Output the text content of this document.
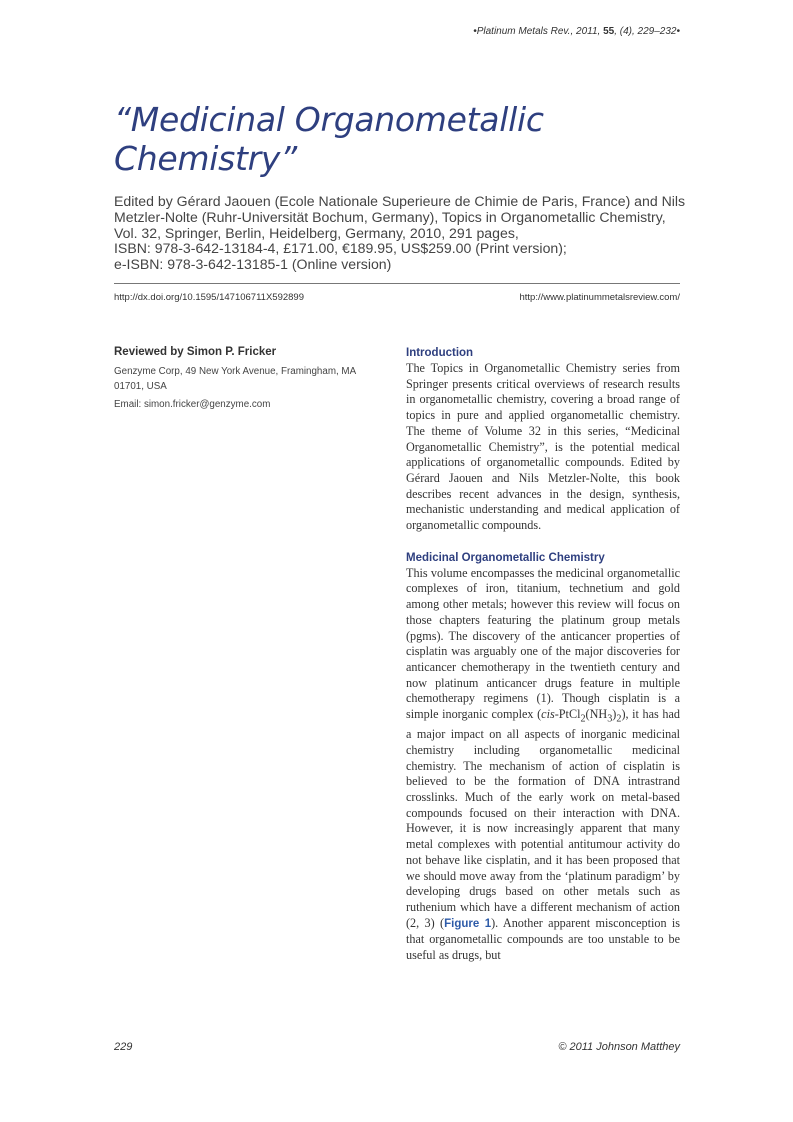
•Platinum Metals Rev., 2011, 55, (4), 229–232•
“Medicinal Organometallic
Chemistry”
Edited by Gérard Jaouen (Ecole Nationale Superieure de Chimie de Paris, France) and Nils
Metzler-Nolte (Ruhr-Universität Bochum, Germany), Topics in Organometallic Chemistry,
Vol. 32, Springer, Berlin, Heidelberg, Germany, 2010, 291 pages,
ISBN: 978-3-642-13184-4, £171.00, €189.95, US$259.00 (Print version);
e-ISBN: 978-3-642-13185-1 (Online version)
http://dx.doi.org/10.1595/147106711X592899	http://www.platinummetalsreview.com/
Reviewed by Simon P. Fricker
Genzyme Corp, 49 New York Avenue, Framingham, MA 01701, USA
Email: simon.fricker@genzyme.com
Introduction

The Topics in Organometallic Chemistry series from Springer presents critical overviews of research results in organometallic chemistry, covering a broad range of topics in pure and applied organometallic chemistry. The theme of Volume 32 in this series, “Medicinal Organometallic Chemistry”, is the potential medical applications of organometallic compounds. Edited by Gérard Jaouen and Nils Metzler-Nolte, this book describes recent advances in the design, synthesis, mechanistic understanding and medical application of organometallic compounds.

Medicinal Organometallic Chemistry

This volume encompasses the medicinal organometallic complexes of iron, titanium, technetium and gold among other metals; however this review will focus on those chapters featuring the platinum group metals (pgms). The discovery of the anticancer properties of cisplatin was arguably one of the major discoveries for anticancer chemotherapy in the twentieth century and now platinum anticancer drugs feature in multiple chemotherapy regimens (1). Though cisplatin is a simple inorganic complex $(cis-PtCl_2(NH_3)_2)$, it has had a major impact on all aspects of inorganic medicinal chemistry including organometallic medicinal chemistry. The mechanism of action of cisplatin is believed to be the formation of DNA intrastrand crosslinks. Much of the early work on metal-based compounds focused on their interaction with DNA. However, it is now increasingly apparent that many metal complexes with potential antitumour activity do not behave like cisplatin, and it has been proposed that we should move away from the ‘platinum paradigm’ by developing drugs based on other metals such as ruthenium which have a different mechanism of action (2, 3) (Figure 1). Another apparent misconception is that organometallic compounds are too unstable to be useful as drugs, but

229	© 2011 Johnson Matthey
